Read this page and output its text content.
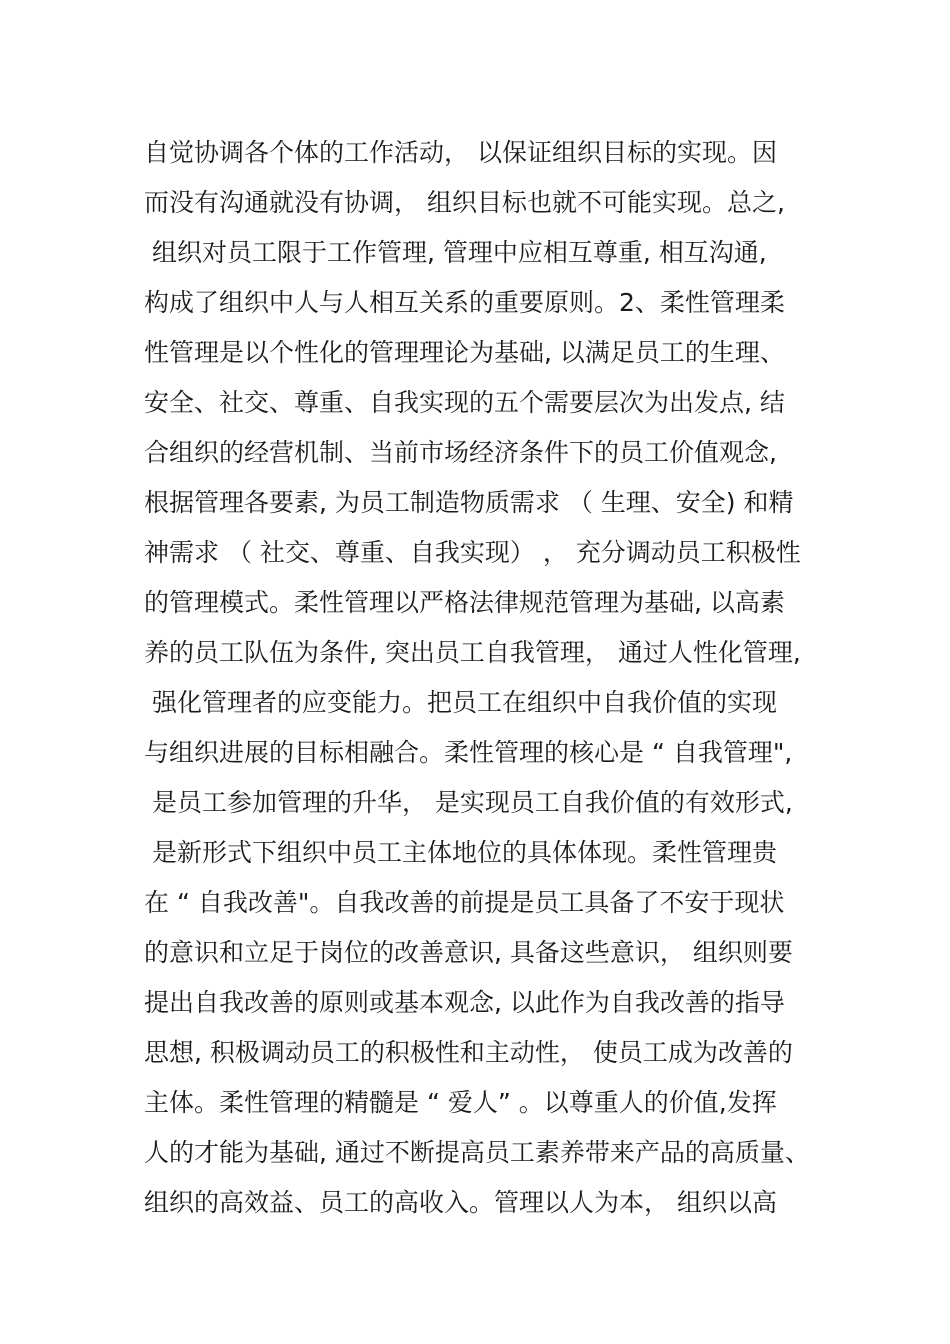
自觉协调各个体的工作活动， 以保证组织目标的实现。因
而没有沟通就没有协调， 组织目标也就不可能实现。总之,
组织对员工限于工作管理, 管理中应相互尊重, 相互沟通,
构成了组织中人与人相互关系的重要原则。2、柔性管理柔
性管理是以个性化的管理理论为基础, 以满足员工的生理、
安全、社交、尊重、自我实现的五个需要层次为出发点, 结
合组织的经营机制、当前市场经济条件下的员工价值观念,
根据管理各要素, 为员工制造物质需求 （ 生理、安全) 和精
神需求 （ 社交、尊重、自我实现） ， 充分调动员工积极性
的管理模式。柔性管理以严格法律规范管理为基础, 以高素
养的员工队伍为条件, 突出员工自我管理， 通过人性化管理,
强化管理者的应变能力。把员工在组织中自我价值的实现
与组织进展的目标相融合。柔性管理的核心是 “ 自我管理",
是员工参加管理的升华， 是实现员工自我价值的有效形式,
是新形式下组织中员工主体地位的具体体现。柔性管理贵
在 “ 自我改善"。自我改善的前提是员工具备了不安于现状
的意识和立足于岗位的改善意识, 具备这些意识， 组织则要
提出自我改善的原则或基本观念, 以此作为自我改善的指导
思想, 积极调动员工的积极性和主动性， 使员工成为改善的
主体。柔性管理的精髓是 “ 爱人” 。以尊重人的价值,发挥
人的才能为基础, 通过不断提高员工素养带来产品的高质量、
组织的高效益、员工的高收入。管理以人为本， 组织以高
